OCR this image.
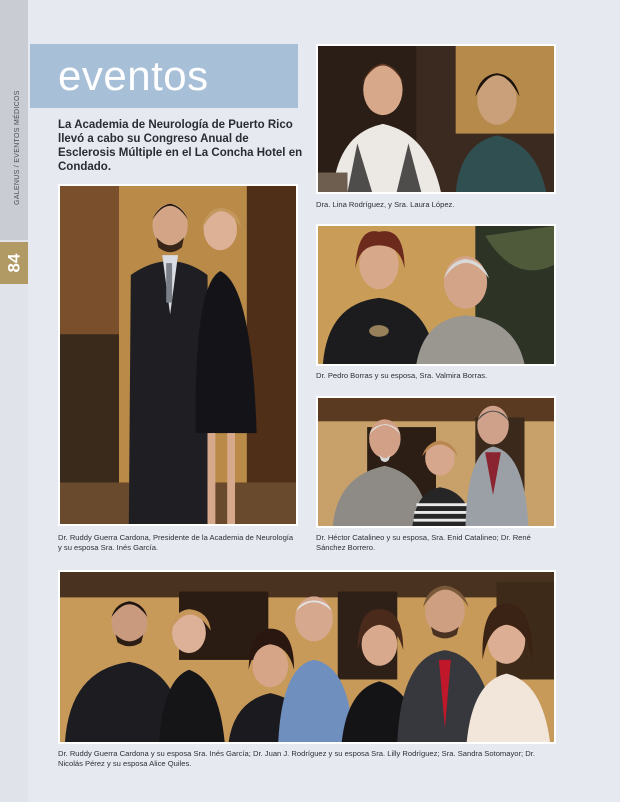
GALENUS / EVENTOS MÉDICOS
84
eventos
La Academia de Neurología de Puerto Rico llevó a cabo su Congreso Anual de Esclerosis Múltiple en el La Concha Hotel en Condado.
Dra. Lina Rodríguez, y Sra. Laura López.
Dr. Ruddy Guerra Cardona, Presidente de la Academia de Neurología y su esposa Sra. Inés García.
Dr. Pedro Borras y su esposa, Sra. Valmira Borras.
Dr. Héctor Catalineo y su esposa, Sra. Enid Catalineo; Dr. René Sánchez Borrero.
Dr. Ruddy Guerra Cardona y su esposa Sra. Inés García; Dr. Juan J. Rodríguez y su esposa Sra. Lilly Rodríguez; Sra. Sandra Sotomayor; Dr. Nicolás Pérez y su esposa Alice Quiles.
